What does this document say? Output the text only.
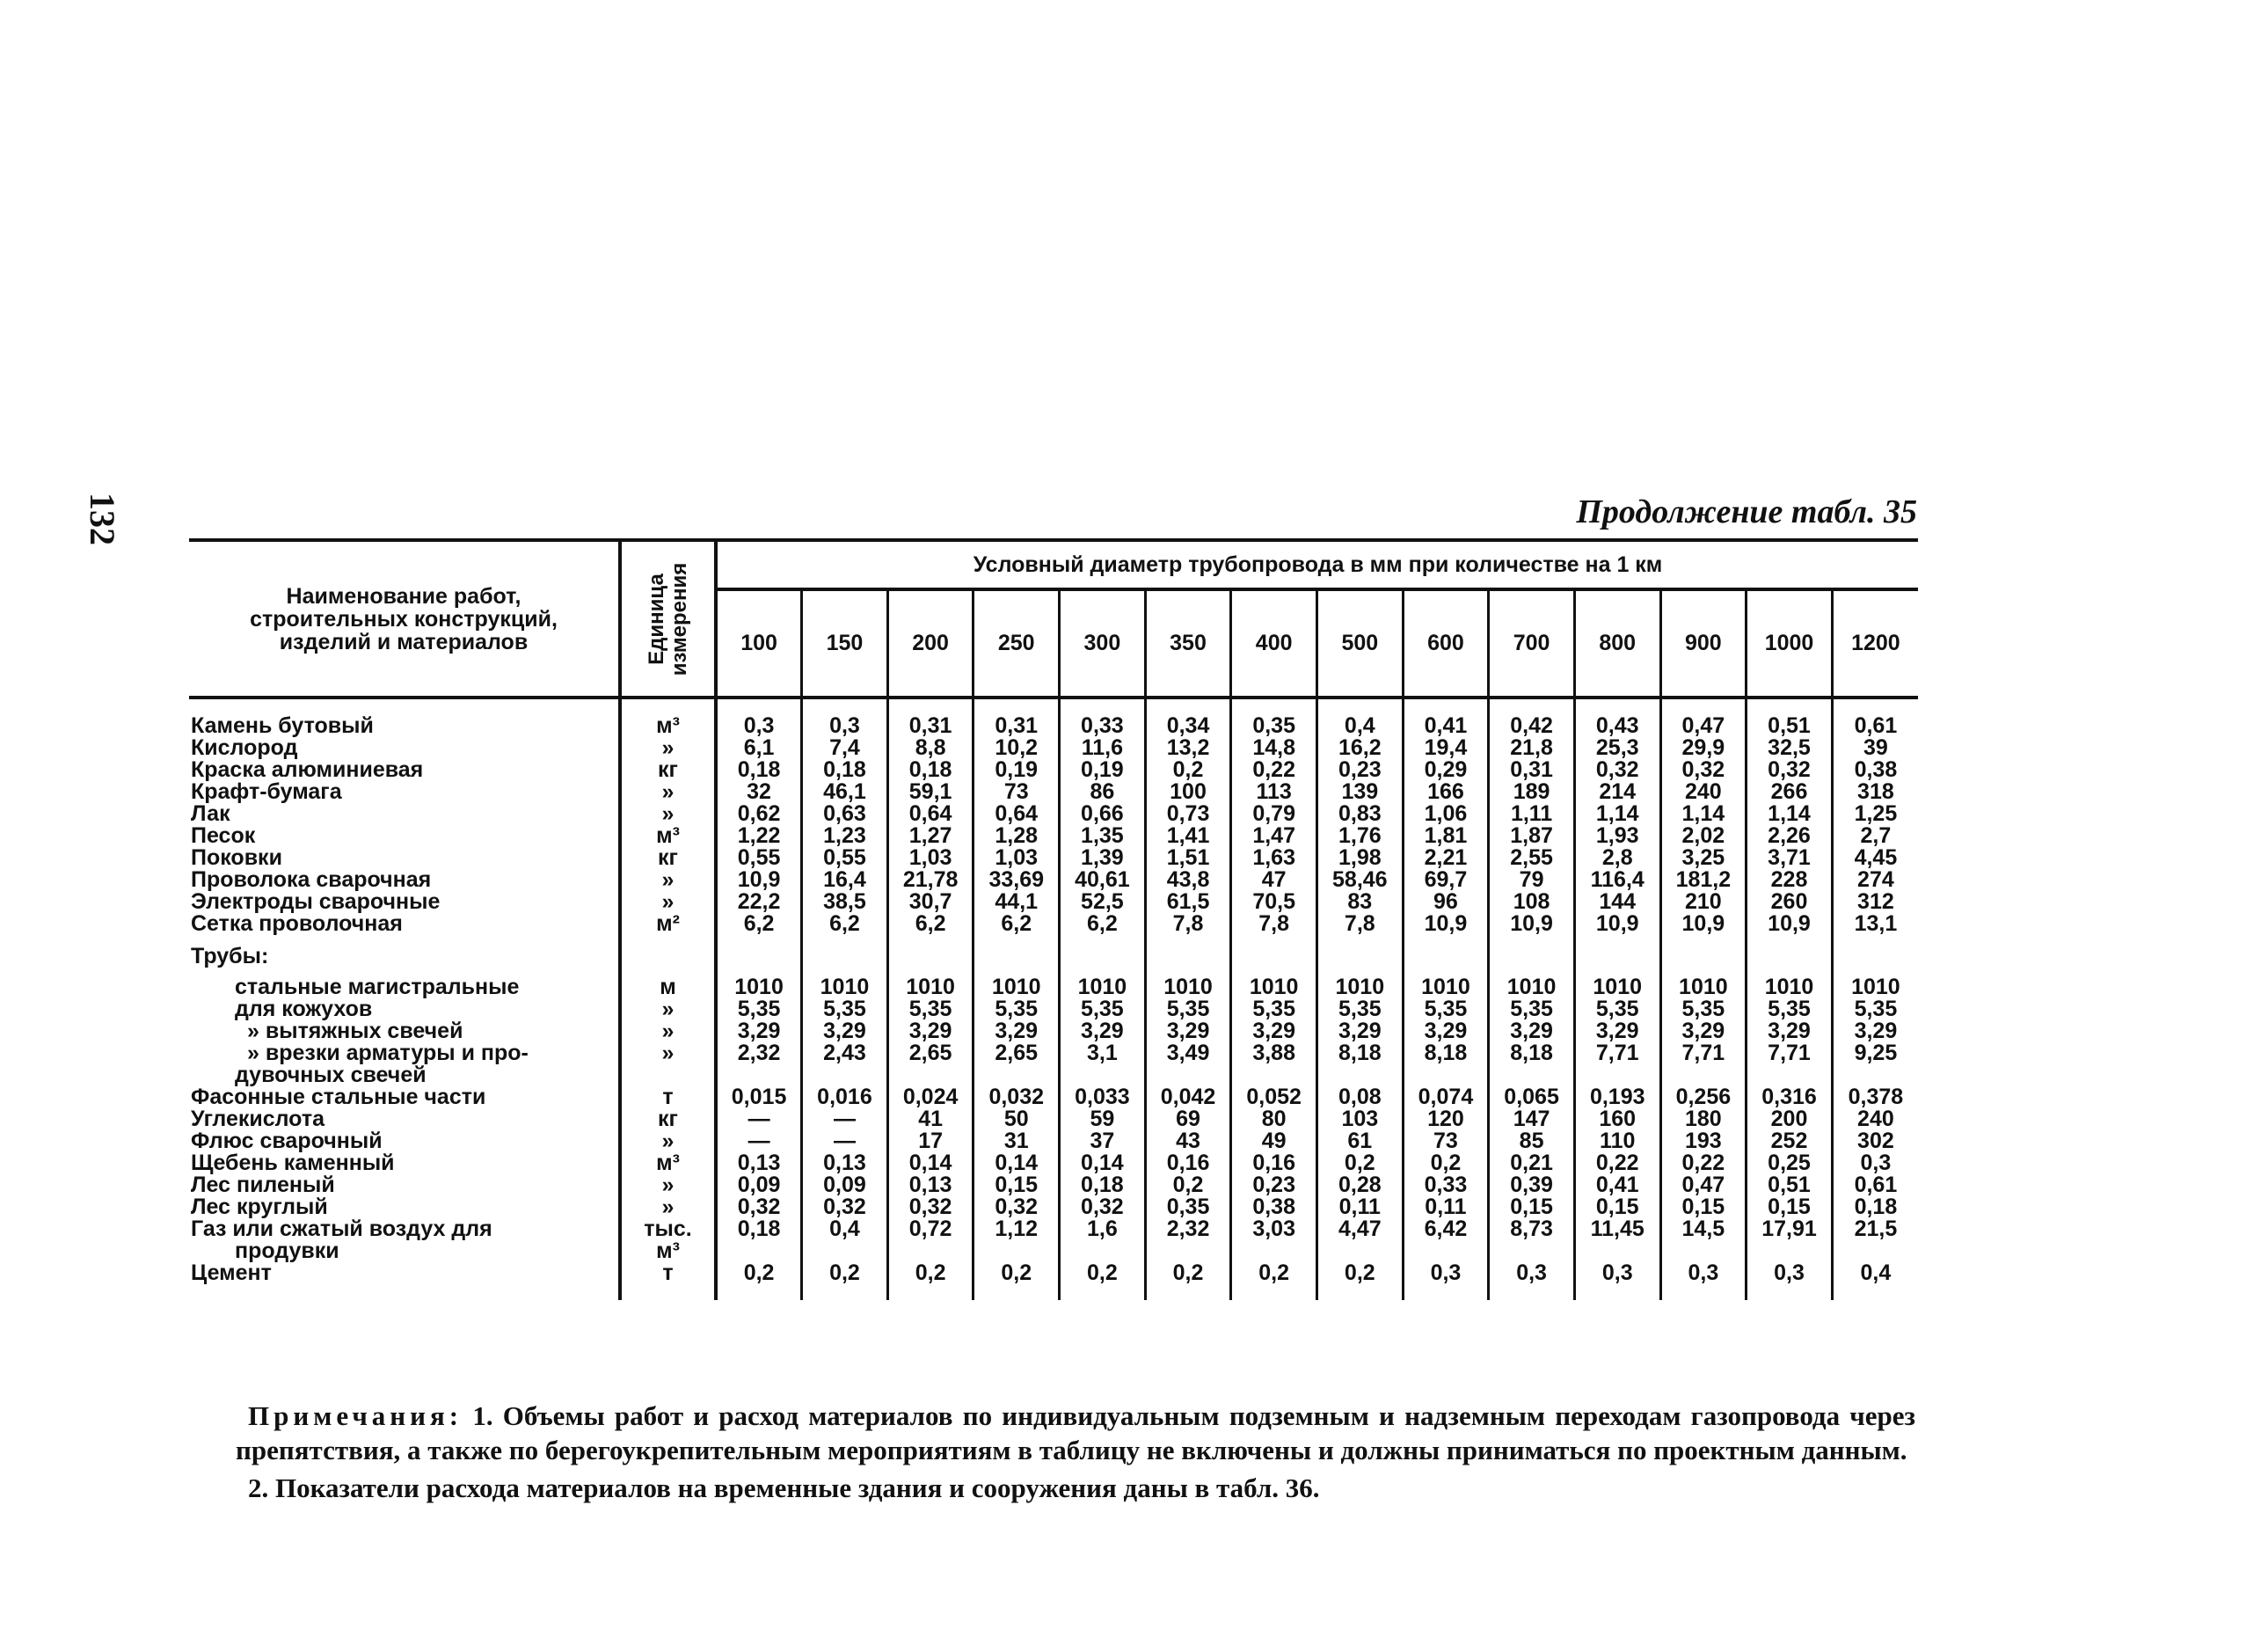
132	Продолжение табл. 35
Наименование работ,
строительных конструкций,
изделий и материалов	Единица
измерения	Условный диаметр трубопровода в мм при количестве на 1 км													
		100	150	200	250	300	350	400	500	600	700	800	900	1000	1200

Камень бутовый	м³	0,3	0,3	0,31	0,31	0,33	0,34	0,35	0,4	0,41	0,42	0,43	0,47	0,51	0,61
Кислород	»	6,1	7,4	8,8	10,2	11,6	13,2	14,8	16,2	19,4	21,8	25,3	29,9	32,5	39
Краска алюминиевая	кг	0,18	0,18	0,18	0,19	0,19	0,2	0,22	0,23	0,29	0,31	0,32	0,32	0,32	0,38
Крафт-бумага	»	32	46,1	59,1	73	86	100	113	139	166	189	214	240	266	318
Лак	»	0,62	0,63	0,64	0,64	0,66	0,73	0,79	0,83	1,06	1,11	1,14	1,14	1,14	1,25
Песок	м³	1,22	1,23	1,27	1,28	1,35	1,41	1,47	1,76	1,81	1,87	1,93	2,02	2,26	2,7
Поковки	кг	0,55	0,55	1,03	1,03	1,39	1,51	1,63	1,98	2,21	2,55	2,8	3,25	3,71	4,45
Проволока сварочная	»	10,9	16,4	21,78	33,69	40,61	43,8	47	58,46	69,7	79	116,4	181,2	228	274
Электроды сварочные	»	22,2	38,5	30,7	44,1	52,5	61,5	70,5	83	96	108	144	210	260	312
Сетка проволочная	м²	6,2	6,2	6,2	6,2	6,2	7,8	7,8	7,8	10,9	10,9	10,9	10,9	10,9	13,1
Трубы:															

стальные магистральные	м	1010	1010	1010	1010	1010	1010	1010	1010	1010	1010	1010	1010	1010	1010
для кожухов	»	5,35	5,35	5,35	5,35	5,35	5,35	5,35	5,35	5,35	5,35	5,35	5,35	5,35	5,35
» вытяжных свечей	»	3,29	3,29	3,29	3,29	3,29	3,29	3,29	3,29	3,29	3,29	3,29	3,29	3,29	3,29
» врезки арматуры и про-	»	2,32	2,43	2,65	2,65	3,1	3,49	3,88	8,18	8,18	8,18	7,71	7,71	7,71	9,25
дувочных свечей															
Фасонные стальные части	т	0,015	0,016	0,024	0,032	0,033	0,042	0,052	0,08	0,074	0,065	0,193	0,256	0,316	0,378
Углекислота	кг	—	—	41	50	59	69	80	103	120	147	160	180	200	240
Флюс сварочный	»	—	—	17	31	37	43	49	61	73	85	110	193	252	302
Щебень каменный	м³	0,13	0,13	0,14	0,14	0,14	0,16	0,16	0,2	0,2	0,21	0,22	0,22	0,25	0,3
Лес пиленый	»	0,09	0,09	0,13	0,15	0,18	0,2	0,23	0,28	0,33	0,39	0,41	0,47	0,51	0,61
Лес круглый	»	0,32	0,32	0,32	0,32	0,32	0,35	0,38	0,11	0,11	0,15	0,15	0,15	0,15	0,18
Газ или сжатый воздух для	тыс.	0,18	0,4	0,72	1,12	1,6	2,32	3,03	4,47	6,42	8,73	11,45	14,5	17,91	21,5
продувки	м³														
Цемент	т	0,2	0,2	0,2	0,2	0,2	0,2	0,2	0,2	0,3	0,3	0,3	0,3	0,3	0,4

Примечания: 1. Объемы работ и расход материалов по индивидуальным подземным и надземным переходам газопровода через препятствия, а также по берегоукрепительным мероприятиям в таблицу не включены и должны приниматься по проектным данным.

2. Показатели расхода материалов на временные здания и сооружения даны в табл. 36.
